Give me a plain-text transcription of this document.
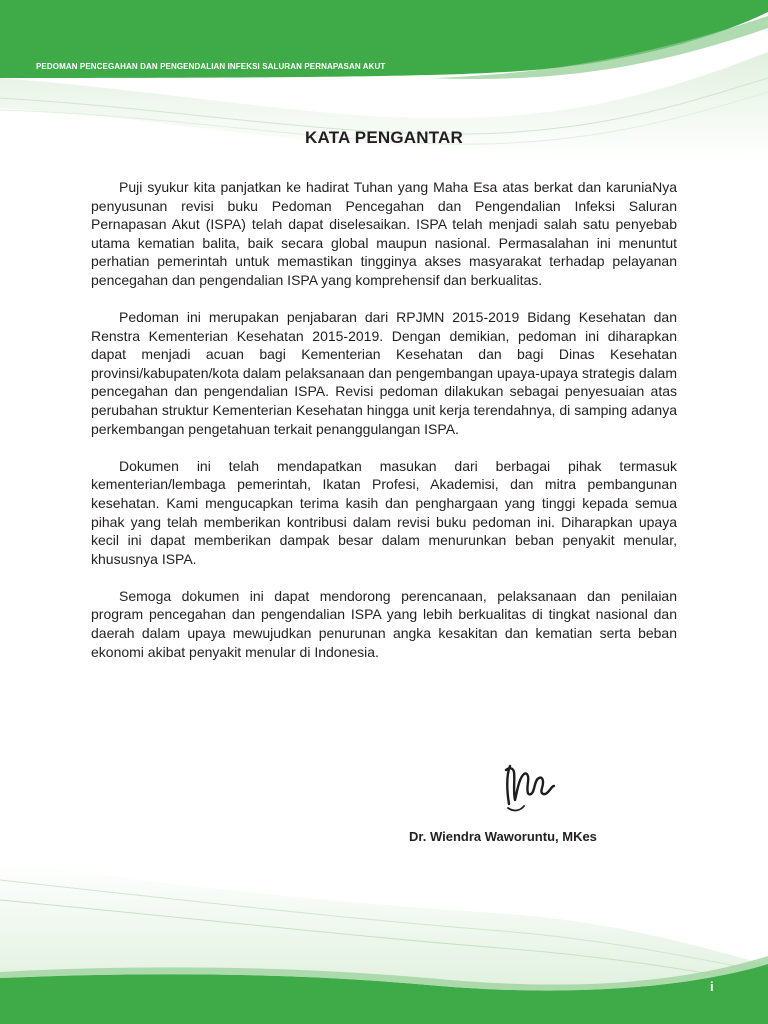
PEDOMAN PENCEGAHAN DAN PENGENDALIAN INFEKSI SALURAN PERNAPASAN AKUT
KATA PENGANTAR

Puji syukur kita panjatkan ke hadirat Tuhan yang Maha Esa atas berkat dan karuniaNya penyusunan revisi buku Pedoman Pencegahan dan Pengendalian Infeksi Saluran Pernapasan Akut (ISPA) telah dapat diselesaikan. ISPA telah menjadi salah satu penyebab utama kematian balita, baik secara global maupun nasional. Permasalahan ini menuntut perhatian pemerintah untuk memastikan tingginya akses masyarakat terhadap pelayanan pencegahan dan pengendalian ISPA yang komprehensif dan berkualitas.

Pedoman ini merupakan penjabaran dari RPJMN 2015-2019 Bidang Kesehatan dan Renstra Kementerian Kesehatan 2015-2019. Dengan demikian, pedoman ini diharapkan dapat menjadi acuan bagi Kementerian Kesehatan dan bagi Dinas Kesehatan provinsi/kabupaten/kota dalam pelaksanaan dan pengembangan upaya-upaya strategis dalam pencegahan dan pengendalian ISPA. Revisi pedoman dilakukan sebagai penyesuaian atas perubahan struktur Kementerian Kesehatan hingga unit kerja terendahnya, di samping adanya perkembangan pengetahuan terkait penanggulangan ISPA.

Dokumen ini telah mendapatkan masukan dari berbagai pihak termasuk kementerian/lembaga pemerintah, Ikatan Profesi, Akademisi, dan mitra pembangunan kesehatan. Kami mengucapkan terima kasih dan penghargaan yang tinggi kepada semua pihak yang telah memberikan kontribusi dalam revisi buku pedoman ini. Diharapkan upaya kecil ini dapat memberikan dampak besar dalam menurunkan beban penyakit menular, khususnya ISPA.

Semoga dokumen ini dapat mendorong perencanaan, pelaksanaan dan penilaian program pencegahan dan pengendalian ISPA yang lebih berkualitas di tingkat nasional dan daerah dalam upaya mewujudkan penurunan angka kesakitan dan kematian serta beban ekonomi akibat penyakit menular di Indonesia.

Dr. Wiendra Waworuntu, MKes
i
